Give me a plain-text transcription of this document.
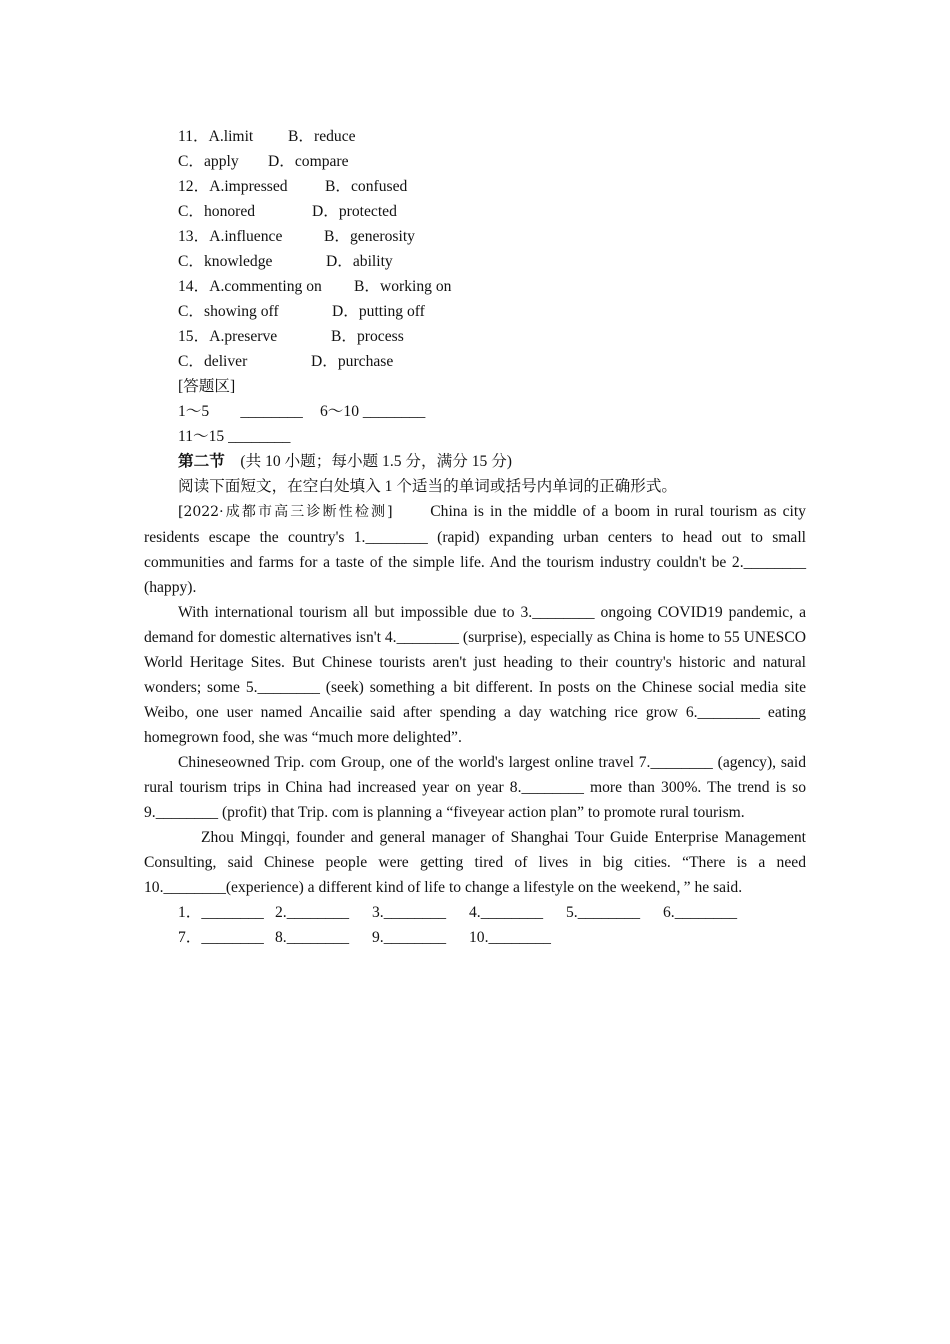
11．A.limit B．reduce
C．apply D．compare
12．A.impressed B．confused
C．honored	D．protected
13．A.influence	B．generosity
C．knowledge	D．ability
14．A.commenting on B．working on
C．showing off	D．putting off
15．A.preserve	B．process
C．deliver	D．purchase
[答题区]
1～5　　________ 6～10 ________
11～15 ________
第二节　 (共 10 小题；每小题 1.5 分，满分 15 分)
阅读下面短文，在空白处填入 1 个适当的单词或括号内单词的正确形式。
[2022·成都市高三诊断性检测]　　 China is in the middle of a boom in rural tourism as city residents escape the country's 1.________ (rapid) expanding urban centers to head out to small communities and farms for a taste of the simple life. And the tourism industry couldn't be 2.________ (happy).
With international tourism all but impossible due to 3.________ ongoing COVID19 pandemic, a demand for domestic alternatives isn't 4.________ (surprise), especially as China is home to 55 UNESCO World Heritage Sites. But Chinese tourists aren't just heading to their country's historic and natural wonders; some 5.________ (seek) something a bit different. In posts on the Chinese social media site Weibo, one user named Ancailie said after spending a day watching rice grow 6.________ eating homegrown food, she was “much more delighted”.
Chineseowned Trip. com Group, one of the world's largest online travel 7.________ (agency), said rural tourism trips in China had increased year on year 8.________ more than 300%. The trend is so 9.________ (profit) that Trip. com is planning a “fiveyear action plan” to promote rural tourism.
Zhou Mingqi, founder and general manager of Shanghai Tour Guide Enterprise Management Consulting, said Chinese people were getting tired of lives in big cities. “There is a need 10.________(experience) a different kind of life to change a lifestyle on the weekend，” he said.
1．________ 2.________ 3.________ 4.________ 5.________ 6.________
7．________ 8.________ 9.________ 10.________
